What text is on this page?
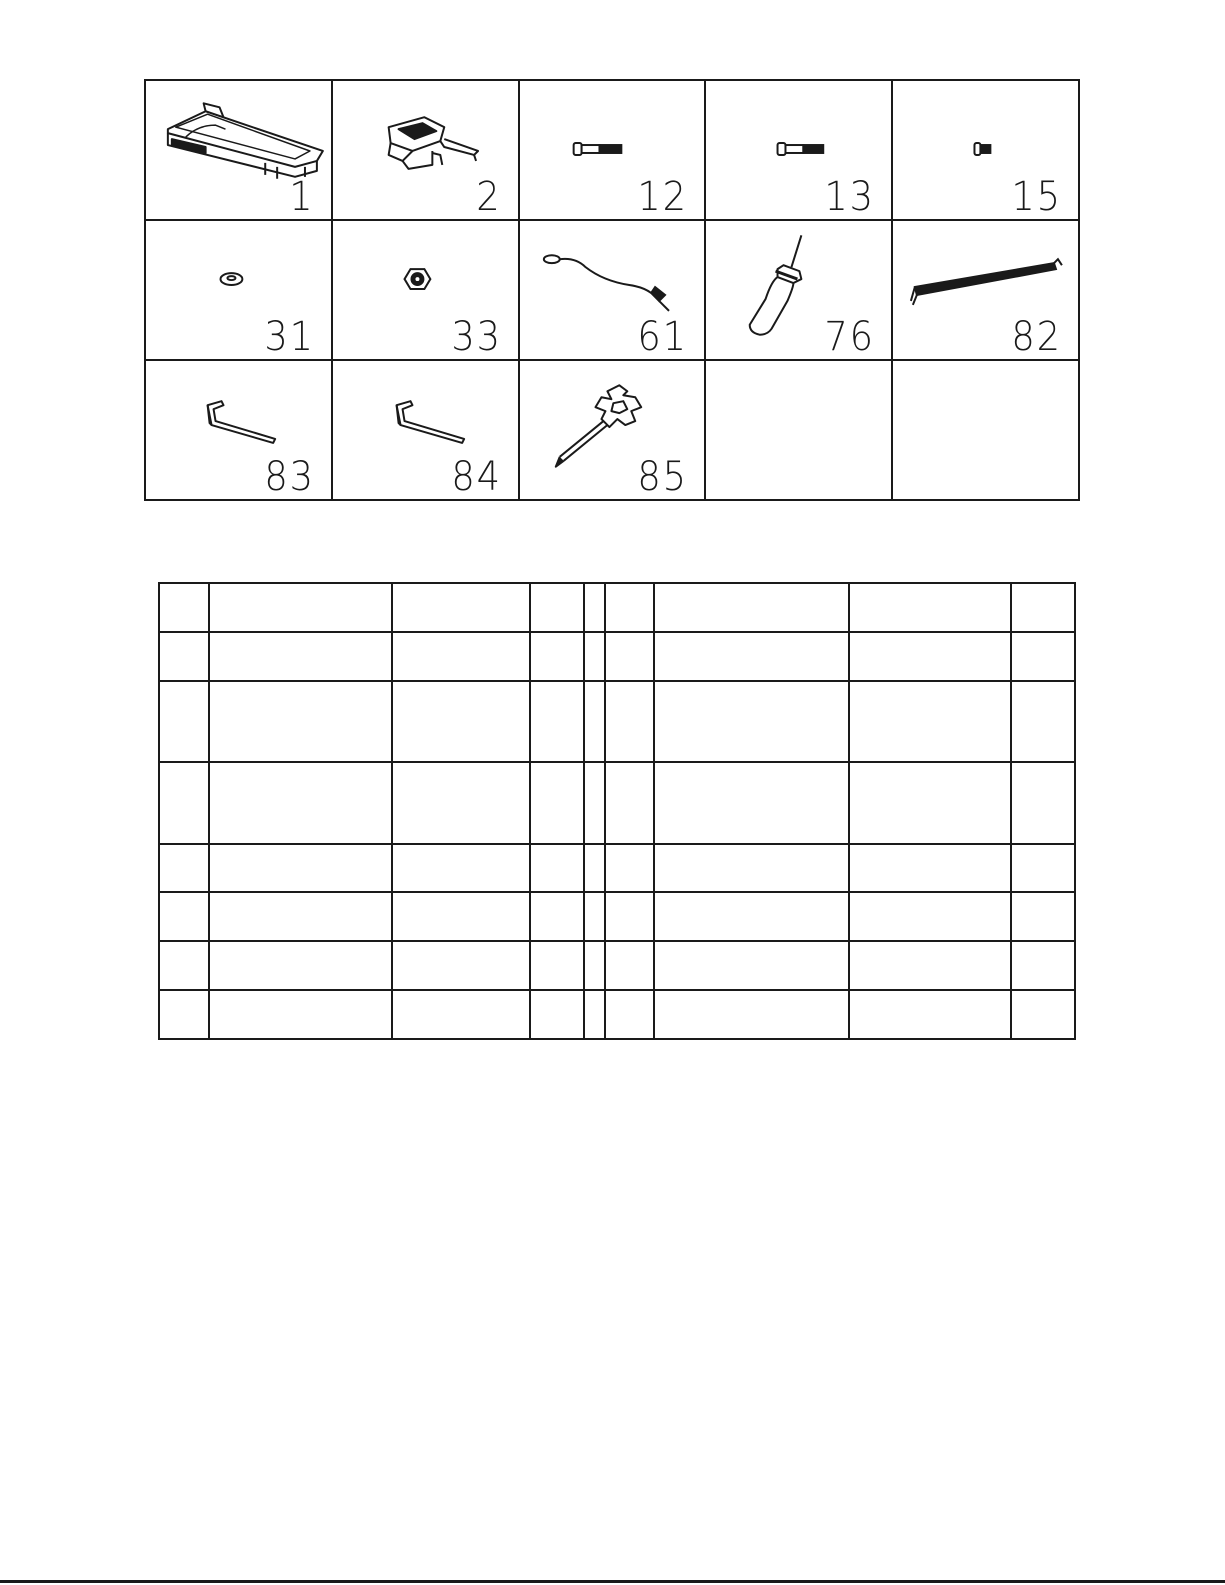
1	2	12	13	15

31	33	61	76	82

83	84	85		
